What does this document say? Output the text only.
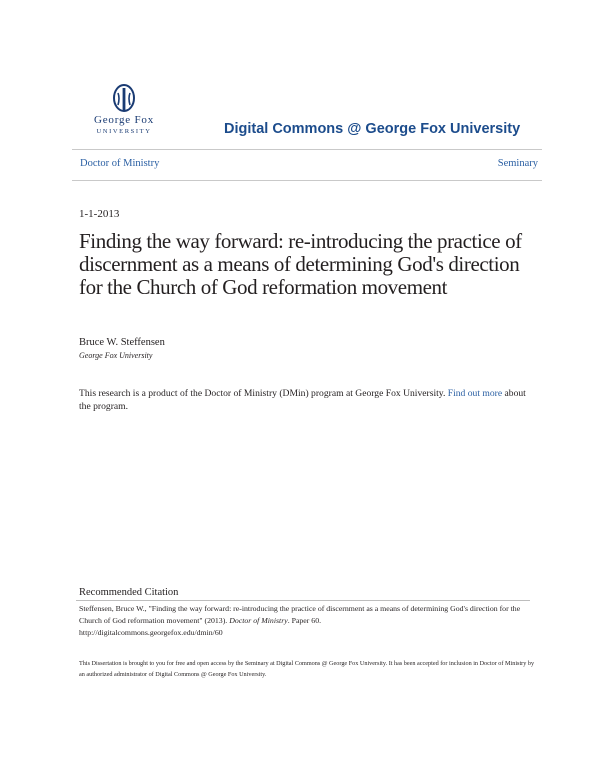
George Fox
UNIVERSITY	Digital Commons @ George Fox University
Doctor of Ministry	Seminary
1-1-2013
Finding the way forward: re-introducing the practice of discernment as a means of determining God's direction for the Church of God reformation movement
Bruce W. Steffensen
George Fox University
This research is a product of the Doctor of Ministry (DMin) program at George Fox University. Find out more about the program.
Recommended Citation
Steffensen, Bruce W., "Finding the way forward: re-introducing the practice of discernment as a means of determining God's direction for the Church of God reformation movement" (2013). Doctor of Ministry. Paper 60.
http://digitalcommons.georgefox.edu/dmin/60
This Dissertation is brought to you for free and open access by the Seminary at Digital Commons @ George Fox University. It has been accepted for inclusion in Doctor of Ministry by an authorized administrator of Digital Commons @ George Fox University.
